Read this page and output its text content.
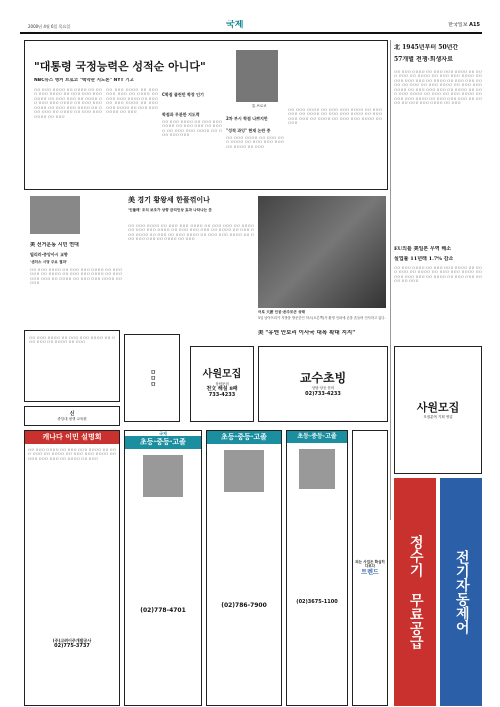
2000년 4월 6일 목요일	국제	한국일보 A15
"대통령 국정능력은 성적순 아니다"
NBC뉴스 앵커 브로코 "백악관 지도론" NYT 기고
톰 브로코
ㅁㅁ ㅁㅁㅁ ㅁㅁㅁㅁ ㅁㅁ ㅁㅁㅁㅁ ㅁㅁ ㅁㅁㅁ ㅁㅁㅁ ㅁㅁㅁㅁ ㅁㅁ ㅁㅁㅁ ㅁㅁㅁ ㅁㅁㅁ ㅁㅁㅁㅁ ㅁㅁ ㅁㅁㅁ ㅁㅁㅁ ㅁㅁ ㅁㅁㅁㅁ ㅁㅁ ㅁㅁㅁ ㅁㅁㅁ ㅁㅁㅁㅁ ㅁㅁ ㅁㅁㅁ ㅁㅁㅁ ㅁㅁㅁㅁ ㅁㅁ ㅁㅁㅁ ㅁㅁㅁ ㅁㅁㅁㅁ ㅁㅁ ㅁㅁㅁ ㅁㅁㅁ ㅁㅁ ㅁㅁㅁㅁ ㅁㅁ ㅁㅁㅁ ㅁㅁㅁ ㅁㅁㅁㅁ ㅁㅁ ㅁㅁㅁ
ㅁㅁ ㅁㅁㅁ ㅁㅁㅁㅁ ㅁㅁ ㅁㅁㅁ ㅁㅁㅁ ㅁㅁㅁ ㅁㅁ ㅁㅁㅁㅁ ㅁㅁ ㅁㅁㅁ ㅁㅁㅁ ㅁㅁㅁㅁ ㅁㅁ ㅁㅁㅁ ㅁㅁ ㅁㅁㅁ ㅁㅁㅁㅁ ㅁㅁ ㅁㅁㅁ ㅁㅁㅁ ㅁㅁㅁㅁ ㅁㅁ ㅁㅁㅁ ㅁㅁㅁ ㅁㅁㅁㅁ ㅁㅁ ㅁㅁㅁ
C학점 클린턴 학장 인기
학점과 무관한 지도력
ㅁㅁ ㅁㅁㅁ ㅁㅁㅁㅁ ㅁㅁ ㅁㅁㅁ ㅁㅁㅁ ㅁㅁㅁㅁ ㅁㅁ ㅁㅁㅁ ㅁㅁㅁ ㅁㅁ ㅁㅁㅁㅁ ㅁㅁ ㅁㅁㅁ ㅁㅁㅁ ㅁㅁㅁㅁ ㅁㅁ ㅁㅁㅁ ㅁㅁㅁ ㅁㅁㅁ
2차 부시 학점 나쁘지만
"성적 과잉" 현재 논란 중
ㅁㅁ ㅁㅁㅁ ㅁㅁㅁㅁ ㅁㅁ ㅁㅁㅁ ㅁㅁㅁ ㅁㅁㅁㅁ ㅁㅁ ㅁㅁㅁ ㅁㅁㅁ ㅁㅁㅁ ㅁㅁ ㅁㅁㅁㅁ ㅁㅁ ㅁㅁㅁ
ㅁㅁ ㅁㅁㅁ ㅁㅁㅁㅁ ㅁㅁ ㅁㅁㅁ ㅁㅁㅁ ㅁㅁㅁㅁ ㅁㅁ ㅁㅁㅁ ㅁㅁㅁ ㅁㅁ ㅁㅁㅁㅁ ㅁㅁ ㅁㅁㅁ ㅁㅁㅁ ㅁㅁㅁㅁ ㅁㅁ ㅁㅁㅁ ㅁㅁㅁ ㅁㅁㅁ ㅁㅁ ㅁㅁㅁㅁ ㅁㅁ ㅁㅁㅁ ㅁㅁㅁ ㅁㅁㅁㅁ ㅁㅁ ㅁㅁㅁ
北 1945년부터 50년간
57개별 전쟁·희생자료
ㅁㅁ ㅁㅁㅁ ㅁㅁㅁㅁ ㅁㅁ ㅁㅁㅁ ㅁㅁㅁ ㅁㅁㅁㅁ ㅁㅁ ㅁㅁㅁ ㅁㅁㅁ ㅁㅁ ㅁㅁㅁㅁ ㅁㅁ ㅁㅁㅁ ㅁㅁㅁ ㅁㅁㅁㅁ ㅁㅁ ㅁㅁㅁ ㅁㅁㅁ ㅁㅁㅁ ㅁㅁ ㅁㅁㅁㅁ ㅁㅁ ㅁㅁㅁ ㅁㅁㅁ ㅁㅁㅁㅁ ㅁㅁ ㅁㅁㅁ ㅁㅁ ㅁㅁㅁ ㅁㅁㅁㅁ ㅁㅁ ㅁㅁㅁ ㅁㅁㅁ ㅁㅁㅁㅁ ㅁㅁ ㅁㅁㅁ ㅁㅁㅁ ㅁㅁㅁ ㅁㅁ ㅁㅁㅁㅁ ㅁㅁ ㅁㅁㅁ ㅁㅁㅁ ㅁㅁㅁㅁ ㅁㅁ ㅁㅁㅁ ㅁㅁ ㅁㅁㅁ ㅁㅁㅁㅁ ㅁㅁ ㅁㅁㅁ ㅁㅁㅁ ㅁㅁㅁㅁ ㅁㅁ ㅁㅁㅁ ㅁㅁㅁ ㅁㅁㅁ ㅁㅁ ㅁㅁㅁㅁ ㅁㅁ ㅁㅁㅁ ㅁㅁㅁ ㅁㅁㅁㅁ ㅁㅁ ㅁㅁㅁ
美 선거운동 시민 연대
빌리러·중앙아시 교향
'샌더스 시당 주요 결과'
ㅁㅁ ㅁㅁㅁ ㅁㅁㅁㅁ ㅁㅁ ㅁㅁㅁ ㅁㅁㅁ ㅁㅁㅁㅁ ㅁㅁ ㅁㅁㅁ ㅁㅁㅁ ㅁㅁ ㅁㅁㅁㅁ ㅁㅁ ㅁㅁㅁ ㅁㅁㅁ ㅁㅁㅁㅁ ㅁㅁ ㅁㅁㅁ ㅁㅁㅁ ㅁㅁㅁ ㅁㅁ ㅁㅁㅁㅁ ㅁㅁ ㅁㅁㅁ ㅁㅁㅁ ㅁㅁㅁㅁ ㅁㅁ ㅁㅁㅁ
美 경기 황왕세 한풀꺾이나
'인플레' 조치 보조가 상향 금리인상 효과 나타나는 듯
ㅁㅁ ㅁㅁㅁ ㅁㅁㅁㅁ ㅁㅁ ㅁㅁㅁ ㅁㅁㅁ ㅁㅁㅁㅁ ㅁㅁ ㅁㅁㅁ ㅁㅁㅁ ㅁㅁ ㅁㅁㅁㅁ ㅁㅁ ㅁㅁㅁ ㅁㅁㅁ ㅁㅁㅁㅁ ㅁㅁ ㅁㅁㅁ ㅁㅁㅁ ㅁㅁㅁ ㅁㅁ ㅁㅁㅁㅁ ㅁㅁ ㅁㅁㅁ ㅁㅁㅁ ㅁㅁㅁㅁ ㅁㅁ ㅁㅁㅁ ㅁㅁ ㅁㅁㅁ ㅁㅁㅁㅁ ㅁㅁ ㅁㅁㅁ ㅁㅁㅁ ㅁㅁㅁㅁ ㅁㅁ ㅁㅁㅁ ㅁㅁㅁ ㅁㅁㅁ ㅁㅁ ㅁㅁㅁㅁ ㅁㅁ ㅁㅁㅁ
어로 大游 인공·존주모곤 상태
5일 남아프리카 지방을 방문중인 하스(오른쪽)가 환영 인파에 손을 흔들며 인사하고 있다.
EU의를 美일본 무역 해소
실업률 11년래 1.7% 감소
ㅁㅁ ㅁㅁㅁ ㅁㅁㅁㅁ ㅁㅁ ㅁㅁㅁ ㅁㅁㅁ ㅁㅁㅁㅁ ㅁㅁ ㅁㅁㅁ ㅁㅁㅁ ㅁㅁ ㅁㅁㅁㅁ ㅁㅁ ㅁㅁㅁ ㅁㅁㅁ ㅁㅁㅁㅁ ㅁㅁ ㅁㅁㅁ ㅁㅁㅁ ㅁㅁㅁ ㅁㅁ ㅁㅁㅁㅁ ㅁㅁ ㅁㅁㅁ ㅁㅁㅁ ㅁㅁㅁㅁ ㅁㅁ ㅁㅁㅁ
美 "유엔 안보리 이사국 대폭 확대 지지"
ㅁㅁ ㅁㅁㅁ ㅁㅁㅁㅁ ㅁㅁ ㅁㅁㅁ ㅁㅁㅁ ㅁㅁㅁㅁ ㅁㅁ ㅁㅁㅁ ㅁㅁㅁ ㅁㅁ ㅁㅁㅁㅁ ㅁㅁ ㅁㅁㅁ
ㅁㅁㅁ	사원모집
상담문의
천文 해설 8패
733-4233
교수초빙
상담·상공 문의
02)733-4233
사원모집
모집분야 기획 영업
캐나다 이민 설명회
ㅁㅁ ㅁㅁㅁ ㅁㅁㅁㅁ ㅁㅁ ㅁㅁㅁ ㅁㅁㅁ ㅁㅁㅁㅁ ㅁㅁ ㅁㅁㅁ ㅁㅁㅁ ㅁㅁ ㅁㅁㅁㅁ ㅁㅁ ㅁㅁㅁ ㅁㅁㅁ ㅁㅁㅁㅁ ㅁㅁ ㅁㅁㅁ ㅁㅁㅁ ㅁㅁㅁ ㅁㅁ ㅁㅁㅁㅁ ㅁㅁ ㅁㅁㅁ
(주)고려이주개발공사
02)775-3737
국제
초등·중등·고졸
(02)778-4701
초등·중등·고졸
(02)786-7900
초등·중등·고졸
(02)3675-1100
되는 사업은 확실히 다르다
트렌드 정수기 무료공급 전기자동제어
신
중앙대 평생 교육원
